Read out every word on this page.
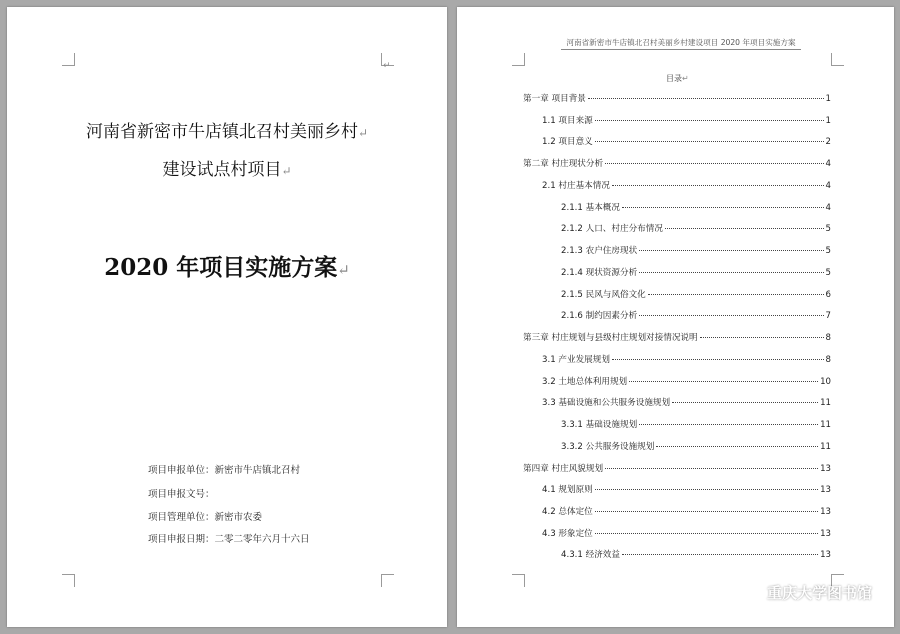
↵
河南省新密市牛店镇北召村美丽乡村↵
建设试点村项目↵
2020 年项目实施方案↵
项目申报单位：新密市牛店镇北召村
项目申报文号：
项目管理单位：新密市农委
项目申报日期：二零二零年六月十六日
河南省新密市牛店镇北召村美丽乡村建设项目 2020 年项目实施方案
目录↵
第一章 项目背景	1
1.1 项目来源	1
1.2 项目意义	2
第二章 村庄现状分析	4
2.1 村庄基本情况	4
2.1.1 基本概况	4
2.1.2 人口、村庄分布情况	5
2.1.3 农户住房现状	5
2.1.4 现状资源分析	5
2.1.5 民风与风俗文化	6
2.1.6 制约因素分析	7
第三章 村庄规划与县级村庄规划对接情况说明	8
3.1 产业发展规划	8
3.2 土地总体利用规划	10
3.3 基础设施和公共服务设施规划	11
3.3.1 基础设施规划	11
3.3.2 公共服务设施规划	11
第四章 村庄风貌规划	13
4.1 规划原则	13
4.2 总体定位	13
4.3 形象定位	13
4.3.1 经济效益	13
重庆大学图书馆
